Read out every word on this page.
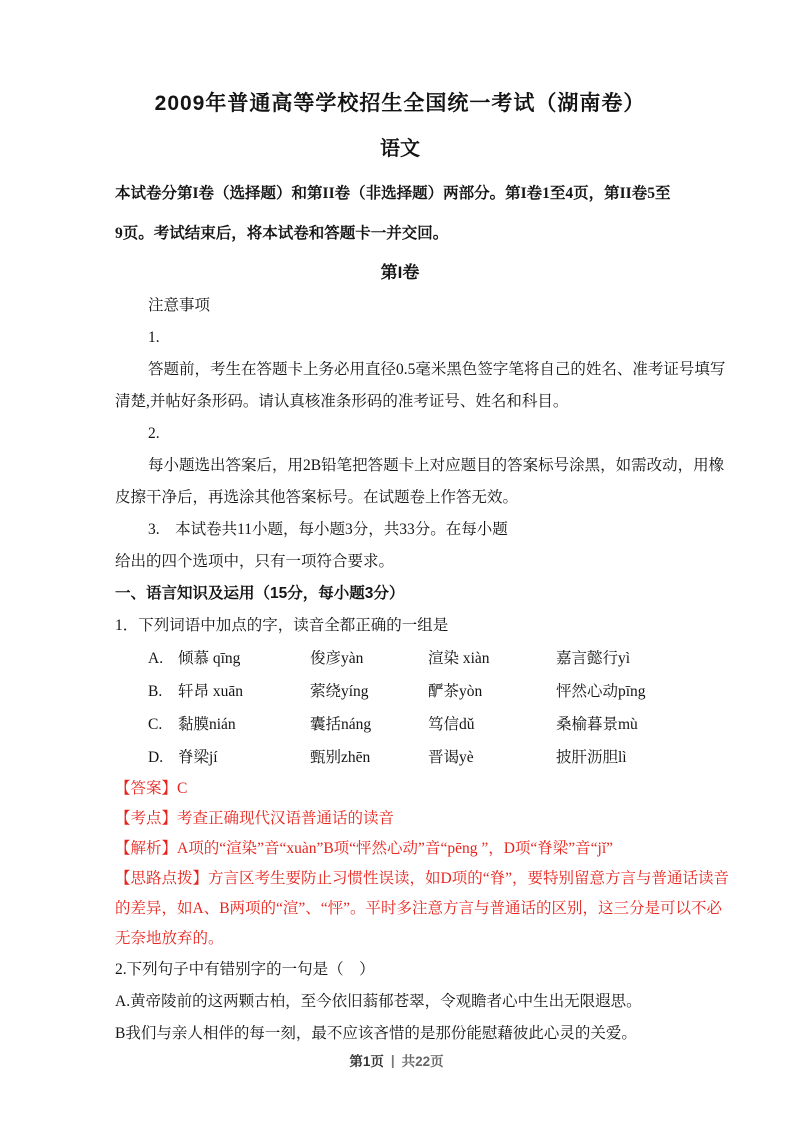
2009年普通高等学校招生全国统一考试（湖南卷）
语文
本试卷分第I卷（选择题）和第II卷（非选择题）两部分。第I卷1至4页，第II卷5至
9页。考试结束后，将本试卷和答题卡一并交回。
第I卷
注意事项
1.
答题前，考生在答题卡上务必用直径0.5毫米黑色签字笔将自己的姓名、准考证号填写
清楚,并帖好条形码。请认真核准条形码的准考证号、姓名和科目。
2.
每小题选出答案后，用2B铅笔把答题卡上对应题目的答案标号涂黑，如需改动，用橡
皮擦干净后，再选涂其他答案标号。在试题卷上作答无效。
3.　本试卷共11小题，每小题3分，共33分。在每小题
给出的四个选项中，只有一项符合要求。
一、语言知识及运用（15分，每小题3分）
1．下列词语中加点的字，读音全都正确的一组是
A. 倾慕 qīng	俊彦yàn	渲染 xiàn	嘉言懿行yì
B.	轩昂 xuān	萦绕yíng	酽茶yòn	怦然心动pīng
C.	黏膜nián	囊括náng	笃信dǔ	桑榆暮景mù
D. 脊梁jí	甄别zhēn	晋谒yè	披肝沥胆lì
【答案】C
【考点】考查正确现代汉语普通话的读音
【解析】A项的“渲染”音“xuàn”B项“怦然心动”音“pēng ”，D项“脊梁”音“jǐ”
【思路点拨】方言区考生要防止习惯性误读，如D项的“脊”，要特别留意方言与普通话读音
的差异，如A、B两项的“渲”、“怦”。平时多注意方言与普通话的区别，这三分是可以不必
无奈地放弃的。
2.下列句子中有错别字的一句是（　）
A.黄帝陵前的这两颗古柏，至今依旧蓊郁苍翠，令观瞻者心中生出无限遐思。
B我们与亲人相伴的每一刻，最不应该吝惜的是那份能慰藉彼此心灵的关爱。
第1页 | 共22页
